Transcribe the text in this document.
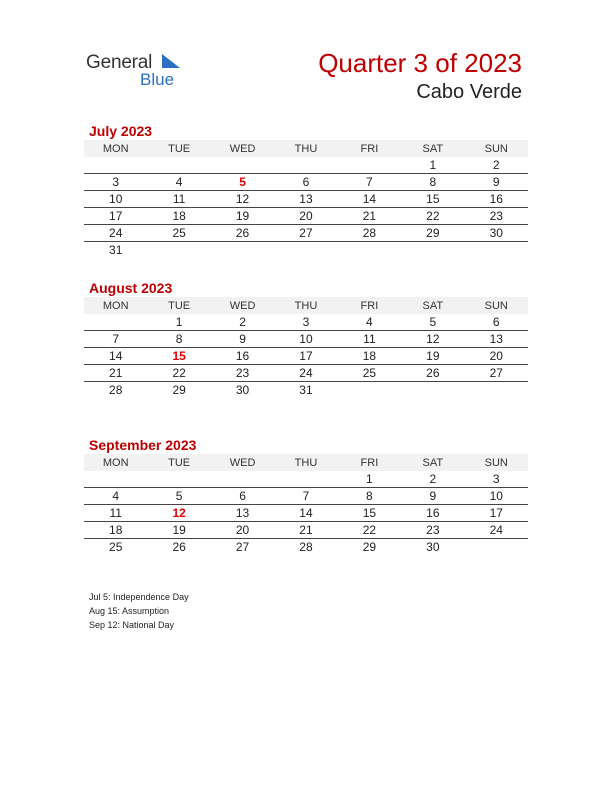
General
Blue
Quarter 3 of 2023
Cabo Verde
July 2023
MON	TUE	WED	THU	FRI	SAT	SUN
					1	2
3	4	5	6	7	8	9
10	11	12	13	14	15	16
17	18	19	20	21	22	23
24	25	26	27	28	29	30
31						
August 2023
MON	TUE	WED	THU	FRI	SAT	SUN
	1	2	3	4	5	6
7	8	9	10	11	12	13
14	15	16	17	18	19	20
21	22	23	24	25	26	27
28	29	30	31			
September 2023
MON	TUE	WED	THU	FRI	SAT	SUN
				1	2	3
4	5	6	7	8	9	10
11	12	13	14	15	16	17
18	19	20	21	22	23	24
25	26	27	28	29	30	
Jul 5: Independence Day
Aug 15: Assumption
Sep 12: National Day
